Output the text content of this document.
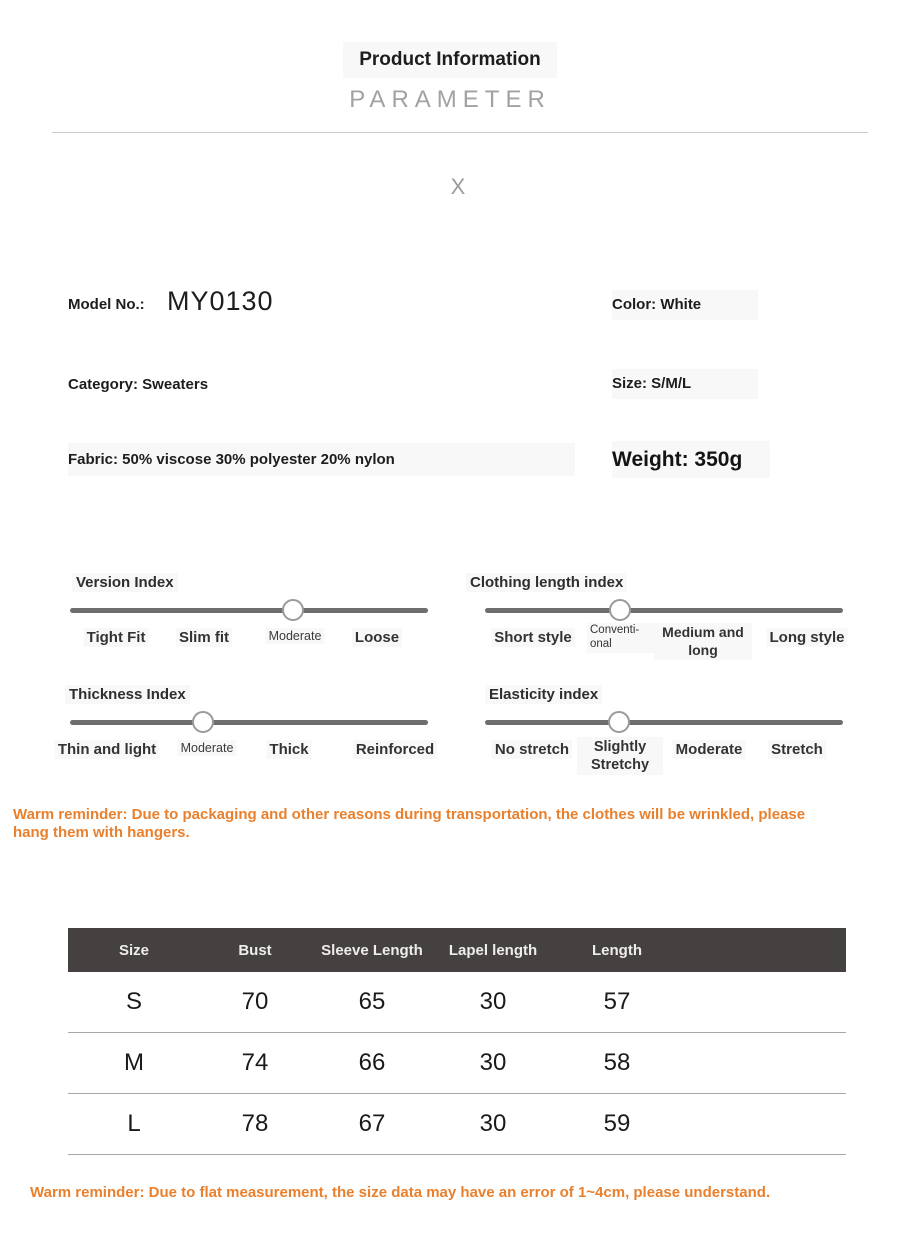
Product Information
PARAMETER
X
Model No.: MY0130	Color: White
Category: Sweaters	Size: S/M/L
Fabric: 50% viscose 30% polyester 20% nylon	Weight: 350g
Version Index
Tight Fit Slim fit	Moderate Loose
Clothing length index
Short style Conventi-onal
Medium and long
Long style
Thickness Index
Thin and light Moderate Thick	Reinforced
Elasticity index
No stretch	Slightly Stretchy
Moderate Stretch
Warm reminder: Due to packaging and other reasons during transportation, the clothes will be wrinkled, please hang them with hangers.
Size	Bust	Sleeve Length	Lapel length	Length
S	70	65	30	57
M	74	66	30	58
L	78	67	30	59
Warm reminder: Due to flat measurement, the size data may have an error of 1~4cm, please understand.
